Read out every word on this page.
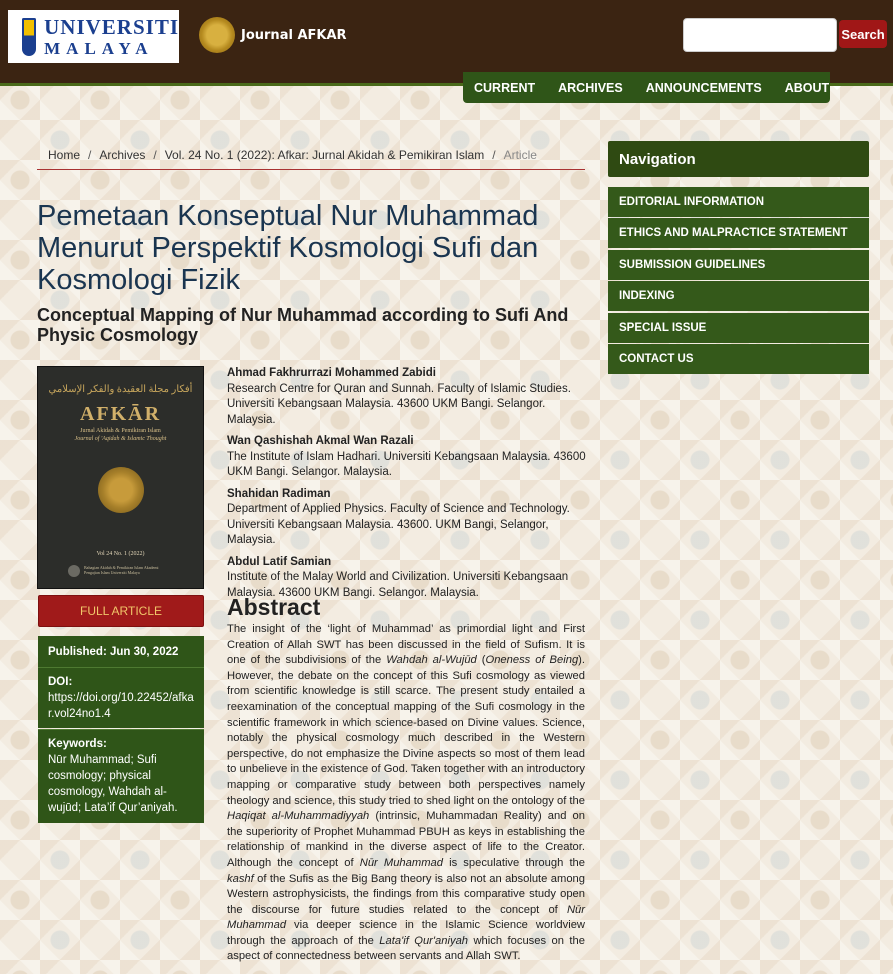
UNIVERSITI
MALAYA
Journal AFKAR	Search
CURRENT ARCHIVES ANNOUNCEMENTS ABOUT
Home / Archives / Vol. 24 No. 1 (2022): Afkar: Jurnal Akidah & Pemikiran Islam / Article
Pemetaan Konseptual Nur Muhammad Menurut Perspektif Kosmologi Sufi dan Kosmologi Fizik
Conceptual Mapping of Nur Muhammad according to Sufi And Physic Cosmology
أفكار مجلة العقيدة والفكر الإسلامي
AFKĀR
Jurnal Akidah & Pemikiran Islam
Journal of 'Aqidah & Islamic Thought
Vol 24 No. 1 (2022)
Bahagian Akidah & Pemikiran Islam Akademi Pengajian Islam Universiti Malaya
FULL ARTICLE
Published:
Jun 30, 2022
DOI:
https://doi.org/10.22452/afkar.vol24no1.4
Keywords:
Nūr Muhammad; Sufi cosmology; physical cosmology, Wahdah al-wujūd; Lata’if Qur’aniyah.
Ahmad Fakhrurrazi Mohammed Zabidi
Research Centre for Quran and Sunnah. Faculty of Islamic Studies. Universiti Kebangsaan Malaysia. 43600 UKM Bangi. Selangor. Malaysia.
Wan Qashishah Akmal Wan Razali
The Institute of Islam Hadhari. Universiti Kebangsaan Malaysia. 43600 UKM Bangi. Selangor. Malaysia.
Shahidan Radiman
Department of Applied Physics. Faculty of Science and Technology. Universiti Kebangsaan Malaysia. 43600. UKM Bangi, Selangor, Malaysia.
Abdul Latif Samian
Institute of the Malay World and Civilization. Universiti Kebangsaan Malaysia. 43600 UKM Bangi. Selangor. Malaysia.
Abstract

The insight of the ‘light of Muhammad’ as primordial light and First Creation of Allah SWT has been discussed in the field of Sufism. It is one of the subdivisions of the Wahdah al-Wujūd (Oneness of Being). However, the debate on the concept of this Sufi cosmology as viewed from scientific knowledge is still scarce. The present study entailed a reexamination of the conceptual mapping of the Sufi cosmology in the scientific framework in which science-based on Divine values. Science, notably the physical cosmology much described in the Western perspective, do not emphasize the Divine aspects so most of them lead to unbelieve in the existence of God. Taken together with an introductory mapping or comparative study between both perspectives namely theology and science, this study tried to shed light on the ontology of the Haqiqat al-Muhammadiyyah (intrinsic, Muhammadan Reality) and on the superiority of Prophet Muhammad PBUH as keys in establishing the relationship of mankind in the diverse aspect of life to the Creator. Although the concept of Nūr Muhammad is speculative through the kashf of the Sufis as the Big Bang theory is also not an absolute among Western astrophysicists, the findings from this comparative study open the discourse for future studies related to the concept of Nūr Muhammad via deeper science in the Islamic Science worldview through the approach of the Lata'if Qur'aniyah which focuses on the aspect of connectedness between servants and Allah SWT.

Navigation
EDITORIAL INFORMATION
ETHICS AND MALPRACTICE STATEMENT
SUBMISSION GUIDELINES
INDEXING
SPECIAL ISSUE
CONTACT US
